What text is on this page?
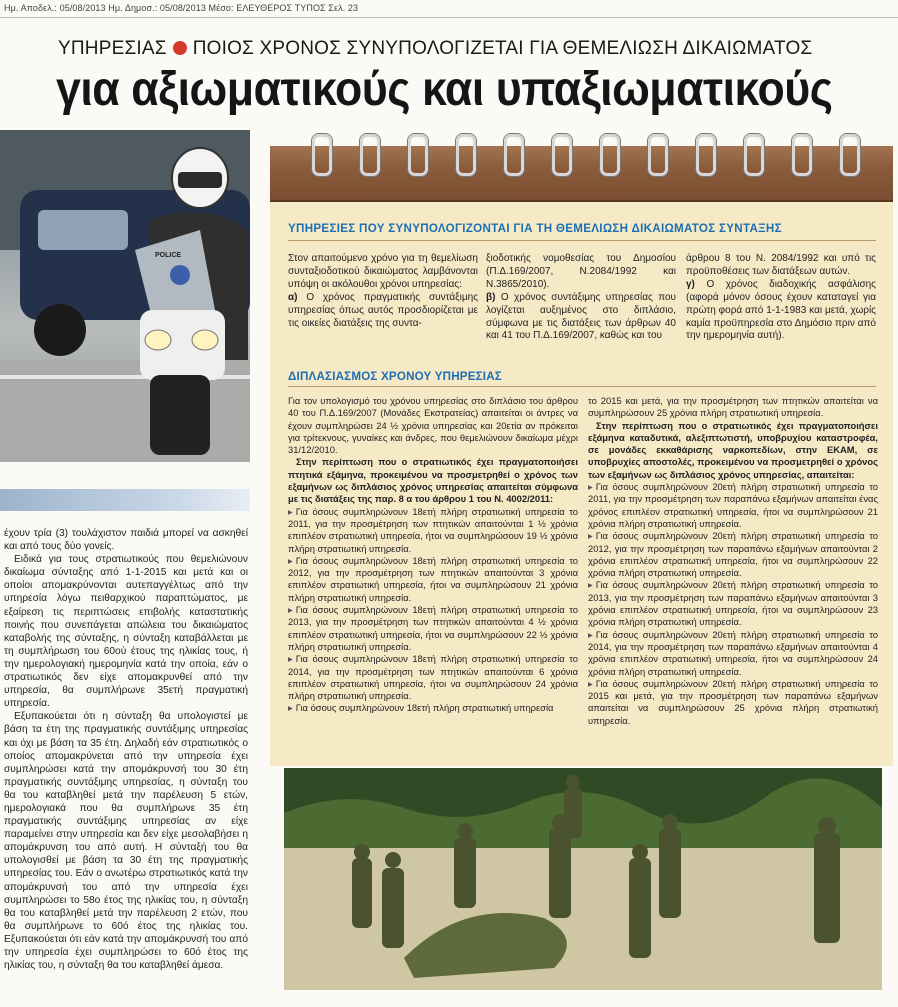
Ημ. Αποδελ.: 05/08/2013 Ημ. Δημοσ.: 05/08/2013 Μέσο: ΕΛΕΥΘΕΡΟΣ ΤΥΠΟΣ Σελ. 23
ΥΠΗΡΕΣΙΑΣ ΠΟΙΟΣ ΧΡΟΝΟΣ ΣΥΝΥΠΟΛΟΓΙΖΕΤΑΙ ΓΙΑ ΘΕΜΕΛΙΩΣΗ ΔΙΚΑΙΩΜΑΤΟΣ
για αξιωματικούς και υπαξιωματικούς
POLICE

έχουν τρία (3) τουλάχιστον παιδιά μπορεί να ασκηθεί και από τους δύο γονείς.

Ειδικά για τους στρατιωτικούς που θεμελιώνουν δικαίωμα σύνταξης από 1-1-2015 και μετά και οι οποίοι απομακρύνονται αυτεπαγγέλτως από την υπηρεσία λόγω πειθαρχικού παραπτώματος, με εξαίρεση τις περιπτώσεις επιβολής καταστατικής ποινής που συνεπάγεται απώλεια του δικαιώματος καταβολής της σύνταξης, η σύνταξη καταβάλλεται με τη συμπλήρωση του 60ού έτους της ηλικίας τους, ή την ημερολογιακή ημερομηνία κατά την οποία, εάν ο στρατιωτικός δεν είχε απομακρυνθεί από την υπηρεσία, θα συμπλήρωνε 35ετή πραγματική υπηρεσία.

Εξυπακούεται ότι η σύνταξη θα υπολογιστεί με βάση τα έτη της πραγματικής συντάξιμης υπηρεσίας και όχι με βάση τα 35 έτη. Δηλαδή εάν στρατιωτικός ο οποίος απομακρύνεται από την υπηρεσία έχει συμπληρώσει κατά την απομάκρυνσή του 30 έτη πραγματικής συντάξιμης υπηρεσίας, η σύνταξη του θα του καταβληθεί μετά την παρέλευση 5 ετών, ημερολογιακά που θα συμπλήρωνε 35 έτη πραγματικής συντάξιμης υπηρεσίας αν είχε παραμείνει στην υπηρεσία και δεν είχε μεσολαβήσει η απομάκρυνση του από αυτή. Η σύνταξή του θα υπολογισθεί με βάση τα 30 έτη της πραγματικής υπηρεσίας του. Εάν ο ανωτέρω στρατιωτικός κατά την απομάκρυνσή του από την υπηρεσία έχει συμπληρώσει το 58ο έτος της ηλικίας του, η σύνταξη θα του καταβληθεί μετά την παρέλευση 2 ετών, που θα συμπλήρωνε το 60ό έτος της ηλικίας του. Εξυπακούεται ότι εάν κατά την απομάκρυνσή του από την υπηρεσία έχει συμπληρώσει το 60ό έτος της ηλικίας του, η σύνταξη θα του καταβληθεί άμεσα.

ΥΠΗΡΕΣΙΕΣ ΠΟΥ ΣΥΝΥΠΟΛΟΓΙΖΟΝΤΑΙ ΓΙΑ ΤΗ ΘΕΜΕΛΙΩΣΗ ΔΙΚΑΙΩΜΑΤΟΣ ΣΥΝΤΑΞΗΣ

Στον απαιτούμενο χρόνο για τη θεμελίωση συνταξιοδοτικού δικαιώματος λαμβάνονται υπόψη οι ακόλουθοι χρόνοι υπηρεσίας:

α) Ο χρόνος πραγματικής συντάξιμης υπηρεσίας όπως αυτός προσδιορίζεται με τις οικείες διατάξεις της συντα-

ξιοδοτικής νομοθεσίας του Δημοσίου (Π.Δ.169/2007, Ν.2084/1992 και Ν.3865/2010).

β) Ο χρόνος συντάξιμης υπηρεσίας που λογίζεται αυξημένος στο διπλάσιο, σύμφωνα με τις διατάξεις των άρθρων 40 και 41 του Π.Δ.169/2007, καθώς και του

άρθρου 8 του Ν. 2084/1992 και υπό τις προϋποθέσεις των διατάξεων αυτών.

γ) Ο χρόνος διαδοχικής ασφάλισης (αφορά μόνον όσους έχουν καταταγεί για πρώτη φορά από 1-1-1983 και μετά, χωρίς καμία προϋπηρεσία στο Δημόσιο πριν από την ημερομηνία αυτή).

ΔΙΠΛΑΣΙΑΣΜΟΣ ΧΡΟΝΟΥ ΥΠΗΡΕΣΙΑΣ

Για τον υπολογισμό του χρόνου υπηρεσίας στο διπλάσιο του άρθρου 40 του Π.Δ.169/2007 (Μονάδες Εκστρατείας) απαιτείται οι άντρες να έχουν συμπληρώσει 24 ½ χρόνια υπηρεσίας και 20ετία αν πρόκειται για τρίτεκνους, γυναίκες και άνδρες, που θεμελιώνουν δικαίωμα μέχρι 31/12/2010.

Στην περίπτωση που ο στρατιωτικός έχει πραγματοποιήσει πτητικά εξάμηνα, προκειμένου να προσμετρηθεί ο χρόνος των εξαμήνων ως διπλάσιος χρόνος υπηρεσίας απαιτείται σύμφωνα με τις διατάξεις της παρ. 8 α του άρθρου 1 του Ν. 4002/2011:

▸ Για όσους συμπληρώνουν 18ετή πλήρη στρατιωτική υπηρεσία το 2011, για την προσμέτρηση των πτητικών απαιτούνται 1 ½ χρόνια επιπλέον στρατιωτική υπηρεσία, ήτοι να συμπληρώσουν 19 ½ χρόνια πλήρη στρατιωτική υπηρεσία.

▸ Για όσους συμπληρώνουν 18ετή πλήρη στρατιωτική υπηρεσία το 2012, για την προσμέτρηση των πτητικών απαιτούνται 3 χρόνια επιπλέον στρατιωτική υπηρεσία, ήτοι να συμπληρώσουν 21 χρόνια πλήρη στρατιωτική υπηρεσία.

▸ Για όσους συμπληρώνουν 18ετή πλήρη στρατιωτική υπηρεσία το 2013, για την προσμέτρηση των πτητικών απαιτούνται 4 ½ χρόνια επιπλέον στρατιωτική υπηρεσία, ήτοι να συμπληρώσουν 22 ½ χρόνια πλήρη στρατιωτική υπηρεσία.

▸ Για όσους συμπληρώνουν 18ετή πλήρη στρατιωτική υπηρεσία το 2014, για την προσμέτρηση των πτητικών απαιτούνται 6 χρόνια επιπλέον στρατιωτική υπηρεσία, ήτοι να συμπληρώσουν 24 χρόνια πλήρη στρατιωτική υπηρεσία.

▸ Για όσους συμπληρώνουν 18ετή πλήρη στρατιωτική υπηρεσία

το 2015 και μετά, για την προσμέτρηση των πτητικών απαιτείται να συμπληρώσουν 25 χρόνια πλήρη στρατιωτική υπηρεσία.

Στην περίπτωση που ο στρατιωτικός έχει πραγματοποιήσει εξάμηνα καταδυτικά, αλεξιπτωτιστή, υποβρυχίου καταστροφέα, σε μονάδες εκκαθάρισης ναρκοπεδίων, στην ΕΚΑΜ, σε υποβρυχίες αποστολές, προκειμένου να προσμετρηθεί ο χρόνος των εξαμήνων ως διπλάσιος χρόνος υπηρεσίας, απαιτείται:

▸ Για όσους συμπληρώνουν 20ετή πλήρη στρατιωτική υπηρεσία το 2011, για την προσμέτρηση των παραπάνω εξαμήνων απαιτείται ένας χρόνος επιπλέον στρατιωτική υπηρεσία, ήτοι να συμπληρώσουν 21 χρόνια πλήρη στρατιωτική υπηρεσία.

▸ Για όσους συμπληρώνουν 20ετή πλήρη στρατιωτική υπηρεσία το 2012, για την προσμέτρηση των παραπάνω εξαμήνων απαιτούνται 2 χρόνια επιπλέον στρατιωτική υπηρεσία, ήτοι να συμπληρώσουν 22 χρόνια πλήρη στρατιωτική υπηρεσία.

▸ Για όσους συμπληρώνουν 20ετή πλήρη στρατιωτική υπηρεσία το 2013, για την προσμέτρηση των παραπάνω εξαμήνων απαιτούνται 3 χρόνια επιπλέον στρατιωτική υπηρεσία, ήτοι να συμπληρώσουν 23 χρόνια πλήρη στρατιωτική υπηρεσία.

▸ Για όσους συμπληρώνουν 20ετή πλήρη στρατιωτική υπηρεσία το 2014, για την προσμέτρηση των παραπάνω εξαμήνων απαιτούνται 4 χρόνια επιπλέον στρατιωτική υπηρεσία, ήτοι να συμπληρώσουν 24 χρόνια πλήρη στρατιωτική υπηρεσία.

▸ Για όσους συμπληρώνουν 20ετή πλήρη στρατιωτική υπηρεσία το 2015 και μετά, για την προσμέτρηση των παραπάνω εξαμήνων απαιτείται να συμπληρώσουν 25 χρόνια πλήρη στρατιωτική υπηρεσία.
